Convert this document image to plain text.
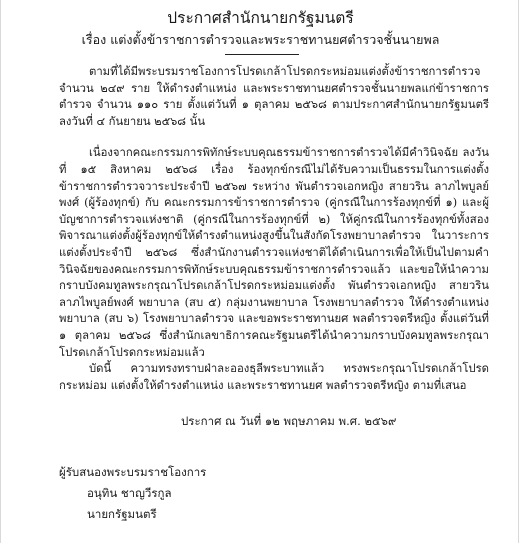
ประกาศสำนักนายกรัฐมนตรี
เรื่อง แต่งตั้งข้าราชการตำรวจและพระราชทานยศตำรวจชั้นนายพล

ตามที่ได้มีพระบรมราชโองการโปรดเกล้าโปรดกระหม่อมแต่งตั้งข้าราชการตำรวจ จำนวน ๒๔๙ ราย ให้ดำรงตำแหน่ง และพระราชทานยศตำรวจชั้นนายพลแก่ข้าราชการตำรวจ จำนวน ๑๑๐ ราย ตั้งแต่วันที่ ๑ ตุลาคม ๒๕๖๘ ตามประกาศสำนักนายกรัฐมนตรี ลงวันที่ ๔ กันยายน ๒๕๖๘ นั้น

เนื่องจากคณะกรรมการพิทักษ์ระบบคุณธรรมข้าราชการตำรวจได้มีคำวินิจฉัย ลงวันที่ ๑๕ สิงหาคม ๒๕๖๘ เรื่อง ร้องทุกข์กรณีไม่ได้รับความเป็นธรรมในการแต่งตั้งข้าราชการตำรวจวาระประจำปี ๒๕๖๗ ระหว่าง พันตำรวจเอกหญิง สายวริน ลาภไพบูลย์พงศ์ (ผู้ร้องทุกข์) กับ คณะกรรมการข้าราชการตำรวจ (คู่กรณีในการร้องทุกข์ที่ ๑) และผู้บัญชาการตำรวจแห่งชาติ (คู่กรณีในการร้องทุกข์ที่ ๒) ให้คู่กรณีในการร้องทุกข์ทั้งสองพิจารณาแต่งตั้งผู้ร้องทุกข์ให้ดำรงตำแหน่งสูงขึ้นในสังกัดโรงพยาบาลตำรวจ ในวาระการแต่งตั้งประจำปี ๒๕๖๘ ซึ่งสำนักงานตำรวจแห่งชาติได้ดำเนินการเพื่อให้เป็นไปตามคำวินิจฉัยของคณะกรรมการพิทักษ์ระบบคุณธรรมข้าราชการตำรวจแล้ว และขอให้นำความกราบบังคมทูลพระกรุณาโปรดเกล้าโปรดกระหม่อมแต่งตั้ง พันตำรวจเอกหญิง สายวริน ลาภไพบูลย์พงศ์ พยาบาล (สบ ๕) กลุ่มงานพยาบาล โรงพยาบาลตำรวจ ให้ดำรงตำแหน่ง พยาบาล (สบ ๖) โรงพยาบาลตำรวจ และขอพระราชทานยศ พลตำรวจตรีหญิง ตั้งแต่วันที่ ๑ ตุลาคม ๒๕๖๘ ซึ่งสำนักเลขาธิการคณะรัฐมนตรีได้นำความกราบบังคมทูลพระกรุณาโปรดเกล้าโปรดกระหม่อมแล้ว

บัดนี้ ความทรงทราบฝ่าละอองธุลีพระบาทแล้ว ทรงพระกรุณาโปรดเกล้าโปรดกระหม่อม แต่งตั้งให้ดำรงตำแหน่ง และพระราชทานยศ พลตำรวจตรีหญิง ตามที่เสนอ

ประกาศ ณ วันที่ ๑๒ พฤษภาคม พ.ศ. ๒๕๖๙
ผู้รับสนองพระบรมราชโองการ
อนุทิน ชาญวีรกูล
นายกรัฐมนตรี
